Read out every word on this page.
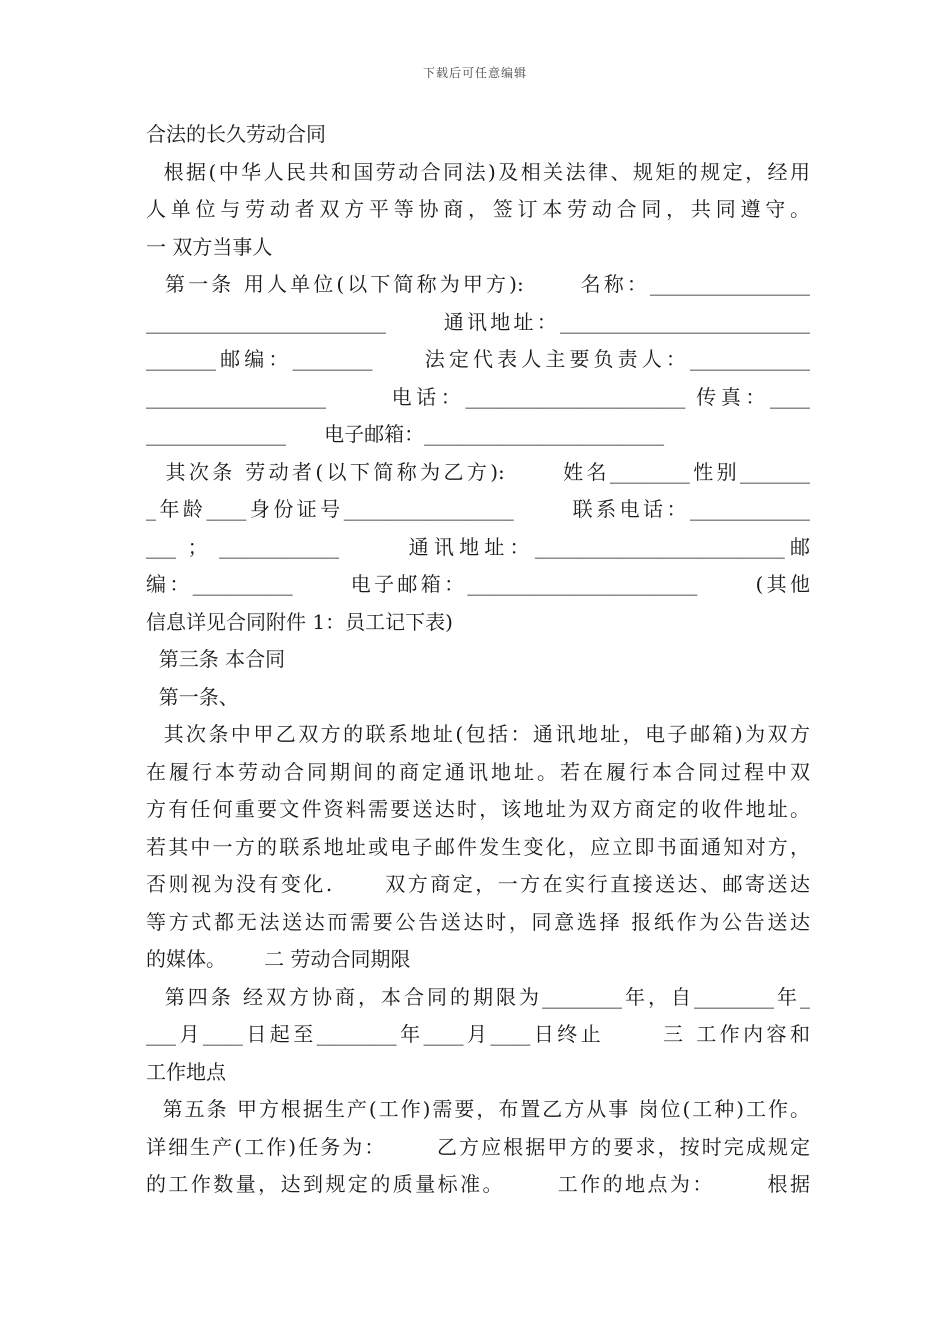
下载后可任意编辑
合法的长久劳动合同
根据(中华人民共和国劳动合同法)及相关法律、规矩的规定，经用
人单位与劳动者双方平等协商，签订本劳动合同，共同遵守。
一 双方当事人
第一条 用人单位(以下简称为甲方):      名称：________________
________________________      通讯地址：_________________________
_______邮编：________     法定代表人主要负责人：____________
__________________      电话：______________________ 传真：____
______________      电子邮箱：________________________
其次条 劳动者(以下简称为乙方):      姓名________性别_______
_年龄____身份证号_________________      联系电话：____________
___ ； ____________      通讯地址：_________________________邮
编：__________      电子邮箱：_______________________      (其他
信息详见合同附件 1：员工记下表)
第三条 本合同
第一条、
其次条中甲乙双方的联系地址(包括：通讯地址，电子邮箱)为双方
在履行本劳动合同期间的商定通讯地址。若在履行本合同过程中双
方有任何重要文件资料需要送达时，该地址为双方商定的收件地址。
若其中一方的联系地址或电子邮件发生变化，应立即书面通知对方，
否则视为没有变化.      双方商定，一方在实行直接送达、邮寄送达
等方式都无法送达而需要公告送达时，同意选择 报纸作为公告送达
的媒体。      二 劳动合同期限
第四条 经双方协商，本合同的期限为________年，自________年_
___月____日起至________年____月____日终止      三 工作内容和
工作地点
第五条 甲方根据生产(工作)需要，布置乙方从事 岗位(工种)工作。
详细生产(工作)任务为：      乙方应根据甲方的要求，按时完成规定
的工作数量，达到规定的质量标准。      工作的地点为：      根据
